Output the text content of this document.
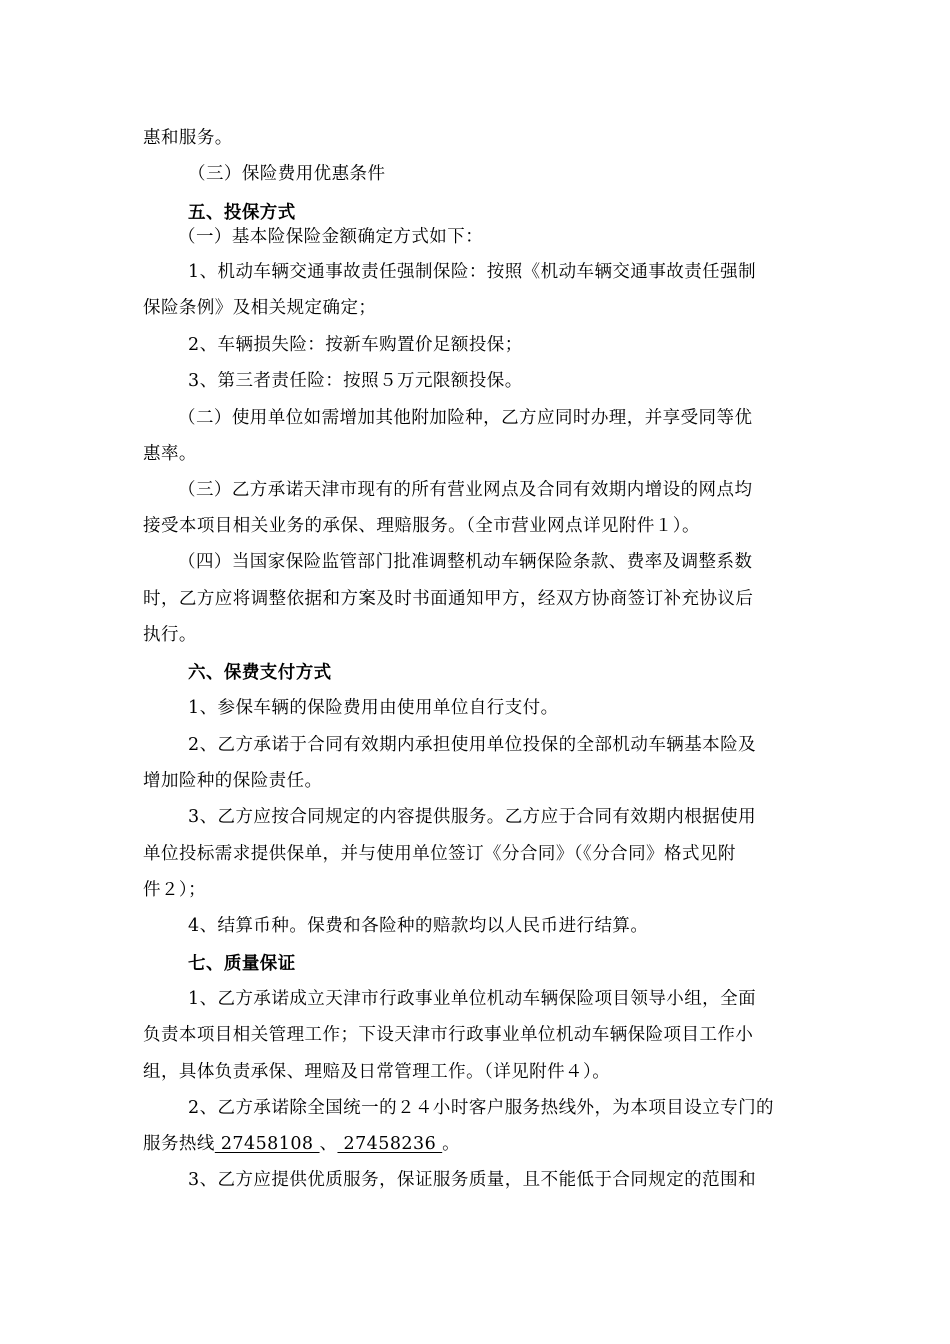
惠和服务。
（三）保险费用优惠条件
五、投保方式
（一）基本险保险金额确定方式如下：
1、机动车辆交通事故责任强制保险：按照《机动车辆交通事故责任强制
保险条例》及相关规定确定；
2、车辆损失险：按新车购置价足额投保；
3、第三者责任险：按照５万元限额投保。
（二）使用单位如需增加其他附加险种，乙方应同时办理，并享受同等优
惠率。
（三）乙方承诺天津市现有的所有营业网点及合同有效期内增设的网点均
接受本项目相关业务的承保、理赔服务。（全市营业网点详见附件１）。
（四）当国家保险监管部门批准调整机动车辆保险条款、费率及调整系数
时，乙方应将调整依据和方案及时书面通知甲方，经双方协商签订补充协议后
执行。
六、保费支付方式
1、参保车辆的保险费用由使用单位自行支付。
2、乙方承诺于合同有效期内承担使用单位投保的全部机动车辆基本险及
增加险种的保险责任。
3、乙方应按合同规定的内容提供服务。乙方应于合同有效期内根据使用
单位投标需求提供保单，并与使用单位签订《分合同》（《分合同》格式见附
件２）；
4、结算币种。保费和各险种的赔款均以人民币进行结算。
七、质量保证
1、乙方承诺成立天津市行政事业单位机动车辆保险项目领导小组，全面
负责本项目相关管理工作；下设天津市行政事业单位机动车辆保险项目工作小
组，具体负责承保、理赔及日常管理工作。（详见附件４）。
2、乙方承诺除全国统一的２４小时客户服务热线外，为本项目设立专门的
服务热线 27458108 、 27458236 。
3、乙方应提供优质服务，保证服务质量，且不能低于合同规定的范围和
